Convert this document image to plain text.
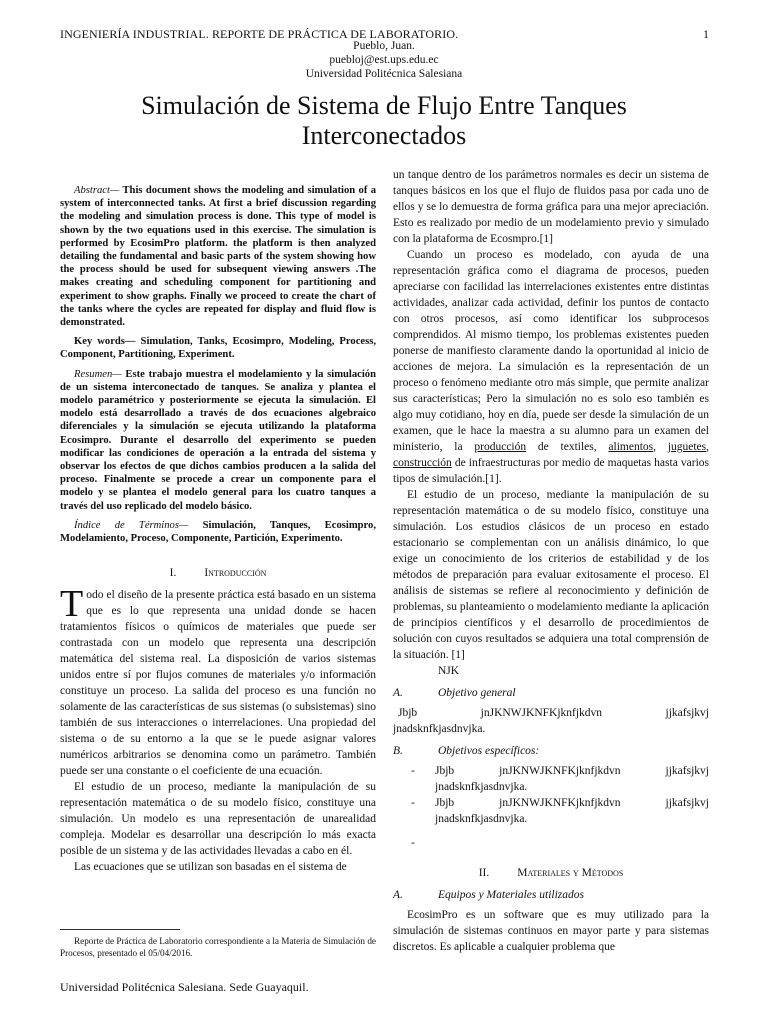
INGENIERÍA INDUSTRIAL. REPORTE DE PRÁCTICA DE LABORATORIO.	1
Pueblo, Juan.
puebloj@est.ups.edu.ec
Universidad Politécnica Salesiana
Simulación de Sistema de Flujo Entre Tanques
Interconectados

Abstract— This document shows the modeling and simulation of a system of interconnected tanks. At first a brief discussion regarding the modeling and simulation process is done. This type of model is shown by the two equations used in this exercise. The simulation is performed by EcosimPro platform. the platform is then analyzed detailing the fundamental and basic parts of the system showing how the process should be used for subsequent viewing answers .The makes creating and scheduling component for partitioning and experiment to show graphs. Finally we proceed to create the chart of the tanks where the cycles are repeated for display and fluid flow is demonstrated.

Key words— Simulation, Tanks, Ecosimpro, Modeling, Process, Component, Partitioning, Experiment.

Resumen— Este trabajo muestra el modelamiento y la simulación de un sistema interconectado de tanques. Se analiza y plantea el modelo paramétrico y posteriormente se ejecuta la simulación. El modelo está desarrollado a través de dos ecuaciones algebraico diferenciales y la simulación se ejecuta utilizando la plataforma Ecosimpro. Durante el desarrollo del experimento se pueden modificar las condiciones de operación a la entrada del sistema y observar los efectos de que dichos cambios producen a la salida del proceso. Finalmente se procede a crear un componente para el modelo y se plantea el modelo general para los cuatro tanques a través del uso replicado del modelo básico.

Índice de Términos— Simulación, Tanques, Ecosimpro, Modelamiento, Proceso, Componente, Partición, Experimento.

I. Introducción

Todo el diseño de la presente práctica está basado en un sistema que es lo que representa una unidad donde se hacen tratamientos físicos o químicos de materiales que puede ser contrastada con un modelo que representa una descripción matemática del sistema real. La disposición de varios sistemas unidos entre sí por flujos comunes de materiales y/o información constituye un proceso. La salida del proceso es una función no solamente de las características de sus sistemas (o subsistemas) sino también de sus interacciones o interrelaciones. Una propiedad del sistema o de su entorno a la que se le puede asignar valores numéricos arbitrarios se denomina como un parámetro. También puede ser una constante o el coeficiente de una ecuación.

El estudio de un proceso, mediante la manipulación de su representación matemática o de su modelo físico, constituye una simulación. Un modelo es una representación de unarealidad compleja. Modelar es desarrollar una descripción lo más exacta posible de un sistema y de las actividades llevadas a cabo en él.

Las ecuaciones que se utilizan son basadas en el sistema de

un tanque dentro de los parámetros normales es decir un sistema de tanques básicos en los que el flujo de fluidos pasa por cada uno de ellos y se lo demuestra de forma gráfica para una mejor apreciación. Esto es realizado por medio de un modelamiento previo y simulado con la plataforma de Ecosmpro.[1]

Cuando un proceso es modelado, con ayuda de una representación gráfica como el diagrama de procesos, pueden apreciarse con facilidad las interrelaciones existentes entre distintas actividades, analizar cada actividad, definir los puntos de contacto con otros procesos, así como identificar los subprocesos comprendidos. Al mismo tiempo, los problemas existentes pueden ponerse de manifiesto claramente dando la oportunidad al inicio de acciones de mejora. La simulación es la representación de un proceso o fenómeno mediante otro más simple, que permite analizar sus características; Pero la simulación no es solo eso también es algo muy cotidiano, hoy en día, puede ser desde la simulación de un examen, que le hace la maestra a su alumno para un examen del ministerio, la producción de textiles, alimentos, juguetes, construcción de infraestructuras por medio de maquetas hasta varios tipos de simulación.[1].

El estudio de un proceso, mediante la manipulación de su representación matemática o de su modelo físico, constituye una simulación. Los estudios clásicos de un proceso en estado estacionario se complementan con un análisis dinámico, lo que exige un conocimiento de los criterios de estabilidad y de los métodos de preparación para evaluar exitosamente el proceso. El análisis de sistemas se refiere al reconocimiento y definición de problemas, su planteamiento o modelamiento mediante la aplicación de principios científicos y el desarrollo de procedimientos de solución con cuyos resultados se adquiera una total comprensión de la situación. [1]

NJK
A.	Objetivo general
Jbjb	jnJKNWJKNFKjknfjkdvn	jjkafsjkvj
jnadsknfkjasdnvjka.
B.	Objetivos específicos:
- Jbjb	jnJKNWJKNFKjknfjkdvn	jjkafsjkvj
jnadsknfkjasdnvjka.
- Jbjb	jnJKNWJKNFKjknfjkdvn	jjkafsjkvj
jnadsknfkjasdnvjka.
-

II. Materiales y Métodos
A.	Equipos y Materiales utilizados

EcosimPro es un software que es muy utilizado para la simulación de sistemas continuos en mayor parte y para sistemas discretos. Es aplicable a cualquier problema que

Reporte de Práctica de Laboratorio correspondiente a la Materia de Simulación de Procesos, presentado el 05/04/2016.
Universidad Politécnica Salesiana. Sede Guayaquil.
